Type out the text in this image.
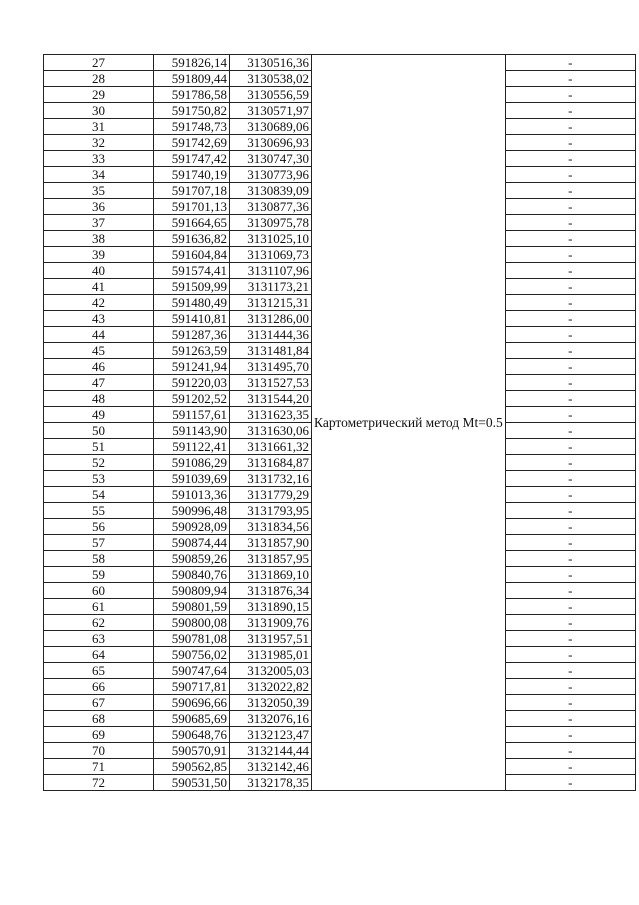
27	591826,14	3130516,36	Картометрический метод Mt=0.5	-
28	591809,44	3130538,02		-
29	591786,58	3130556,59		-
30	591750,82	3130571,97		-
31	591748,73	3130689,06		-
32	591742,69	3130696,93		-
33	591747,42	3130747,30		-
34	591740,19	3130773,96		-
35	591707,18	3130839,09		-
36	591701,13	3130877,36		-
37	591664,65	3130975,78		-
38	591636,82	3131025,10		-
39	591604,84	3131069,73		-
40	591574,41	3131107,96		-
41	591509,99	3131173,21		-
42	591480,49	3131215,31		-
43	591410,81	3131286,00		-
44	591287,36	3131444,36		-
45	591263,59	3131481,84		-
46	591241,94	3131495,70		-
47	591220,03	3131527,53		-
48	591202,52	3131544,20		-
49	591157,61	3131623,35		-
50	591143,90	3131630,06		-
51	591122,41	3131661,32		-
52	591086,29	3131684,87		-
53	591039,69	3131732,16		-
54	591013,36	3131779,29		-
55	590996,48	3131793,95		-
56	590928,09	3131834,56		-
57	590874,44	3131857,90		-
58	590859,26	3131857,95		-
59	590840,76	3131869,10		-
60	590809,94	3131876,34		-
61	590801,59	3131890,15		-
62	590800,08	3131909,76		-
63	590781,08	3131957,51		-
64	590756,02	3131985,01		-
65	590747,64	3132005,03		-
66	590717,81	3132022,82		-
67	590696,66	3132050,39		-
68	590685,69	3132076,16		-
69	590648,76	3132123,47		-
70	590570,91	3132144,44		-
71	590562,85	3132142,46		-
72	590531,50	3132178,35		-
